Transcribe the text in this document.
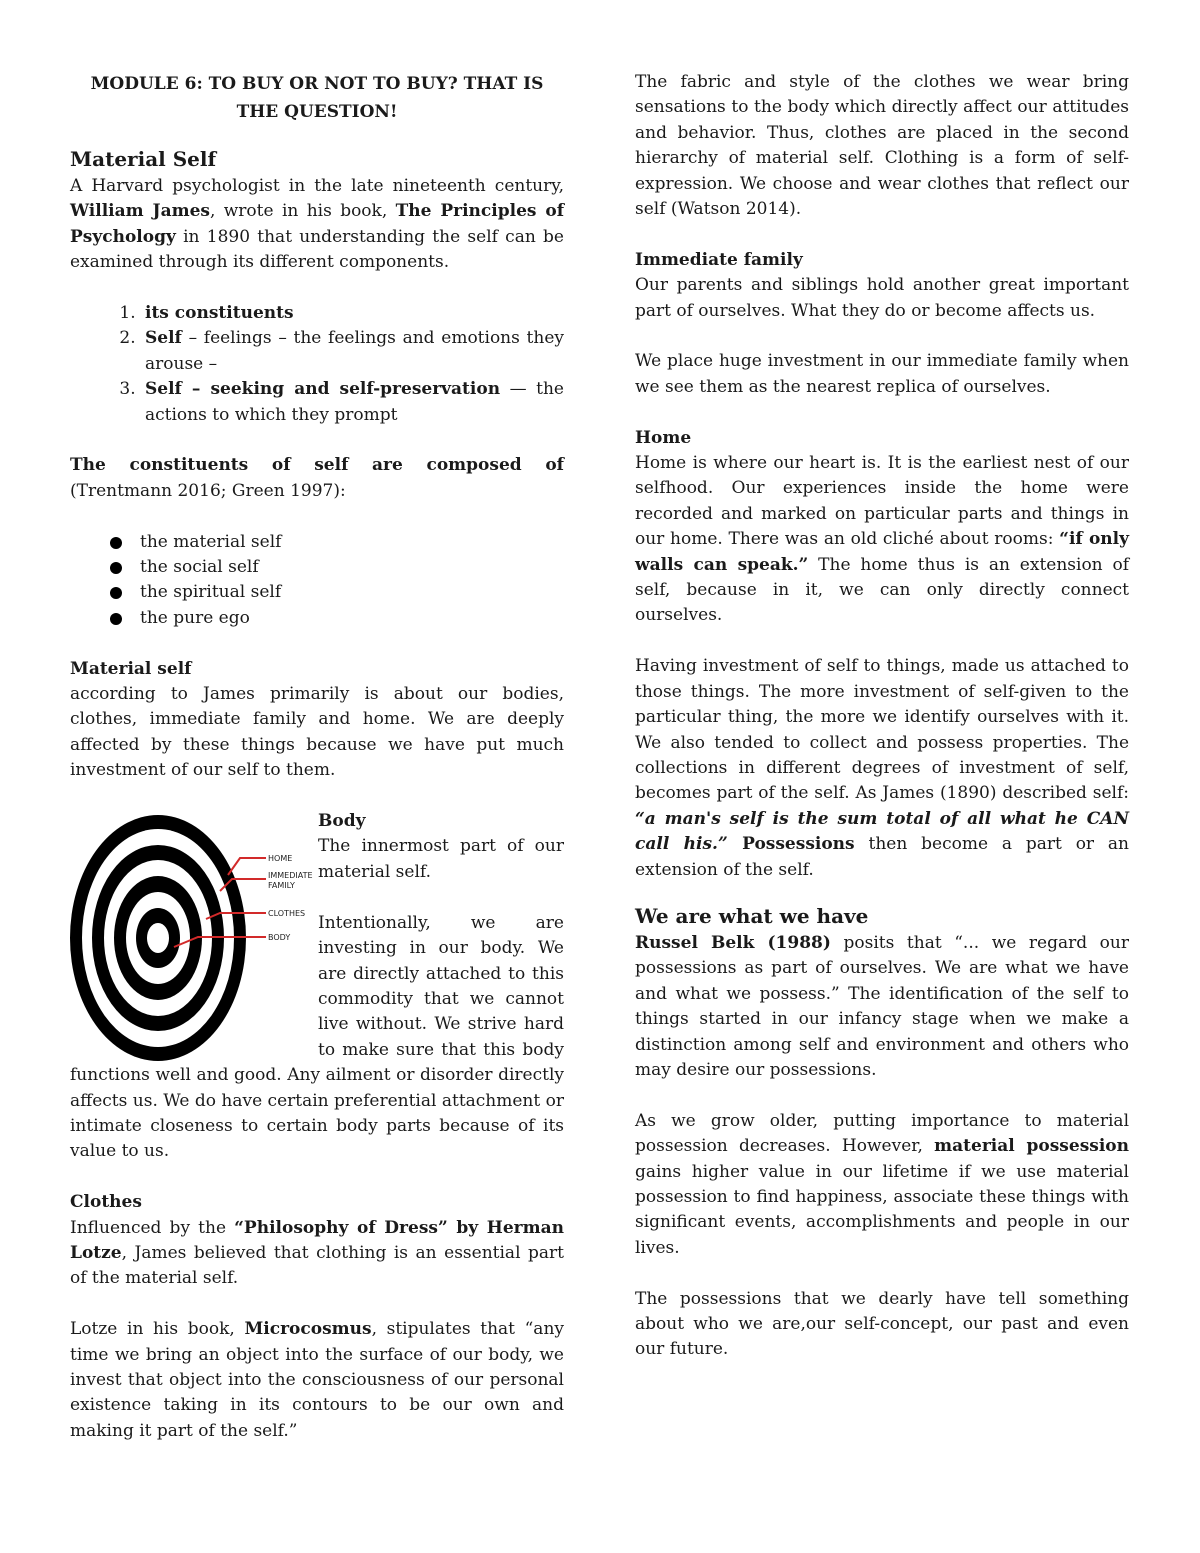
MODULE 6: TO BUY OR NOT TO BUY? THAT IS THE QUESTION!

Material Self

A Harvard psychologist in the late nineteenth century, William James, wrote in his book, The Principles of Psychology in 1890 that understanding the self can be examined through its different components.

1. its constituents
2. Self – feelings – the feelings and emotions they arouse –
3. Self – seeking and self-preservation — the actions to which they prompt

The constituents of self are composed of (Trentmann 2016; Green 1997):

the material self
the social self
the spiritual self
the pure ego

Material self

according to James primarily is about our bodies, clothes, immediate family and home. We are deeply affected by these things because we have put much investment of our self to them.

HOME
IMMEDIATE
FAMILY
CLOTHES
BODY

Body

The innermost part of our material self.

Intentionally, we are investing in our body. We are directly attached to this commodity that we cannot live without. We strive hard to make sure that this body functions well and good. Any ailment or disorder directly affects us. We do have certain preferential attachment or intimate closeness to certain body parts because of its value to us.

Clothes

Influenced by the “Philosophy of Dress” by Herman Lotze, James believed that clothing is an essential part of the material self.

Lotze in his book, Microcosmus, stipulates that “any time we bring an object into the surface of our body, we invest that object into the consciousness of our personal existence taking in its contours to be our own and making it part of the self.”

The fabric and style of the clothes we wear bring sensations to the body which directly affect our attitudes and behavior. Thus, clothes are placed in the second hierarchy of material self. Clothing is a form of self-expression. We choose and wear clothes that reflect our self (Watson 2014).

Immediate family

Our parents and siblings hold another great important part of ourselves. What they do or become affects us.

We place huge investment in our immediate family when we see them as the nearest replica of ourselves.

Home

Home is where our heart is. It is the earliest nest of our selfhood. Our experiences inside the home were recorded and marked on particular parts and things in our home. There was an old cliché about rooms: “if only walls can speak.” The home thus is an extension of self, because in it, we can only directly connect ourselves.

Having investment of self to things, made us attached to those things. The more investment of self-given to the particular thing, the more we identify ourselves with it. We also tended to collect and possess properties. The collections in different degrees of investment of self, becomes part of the self. As James (1890) described self: “a man's self is the sum total of all what he CAN call his.” Possessions then become a part or an extension of the self.

We are what we have

Russel Belk (1988) posits that “... we regard our possessions as part of ourselves. We are what we have and what we possess.” The identification of the self to things started in our infancy stage when we make a distinction among self and environment and others who may desire our possessions.

As we grow older, putting importance to material possession decreases. However, material possession gains higher value in our lifetime if we use material possession to find happiness, associate these things with significant events, accomplishments and people in our lives.

The possessions that we dearly have tell something about who we are,our self-concept, our past and even our future.
